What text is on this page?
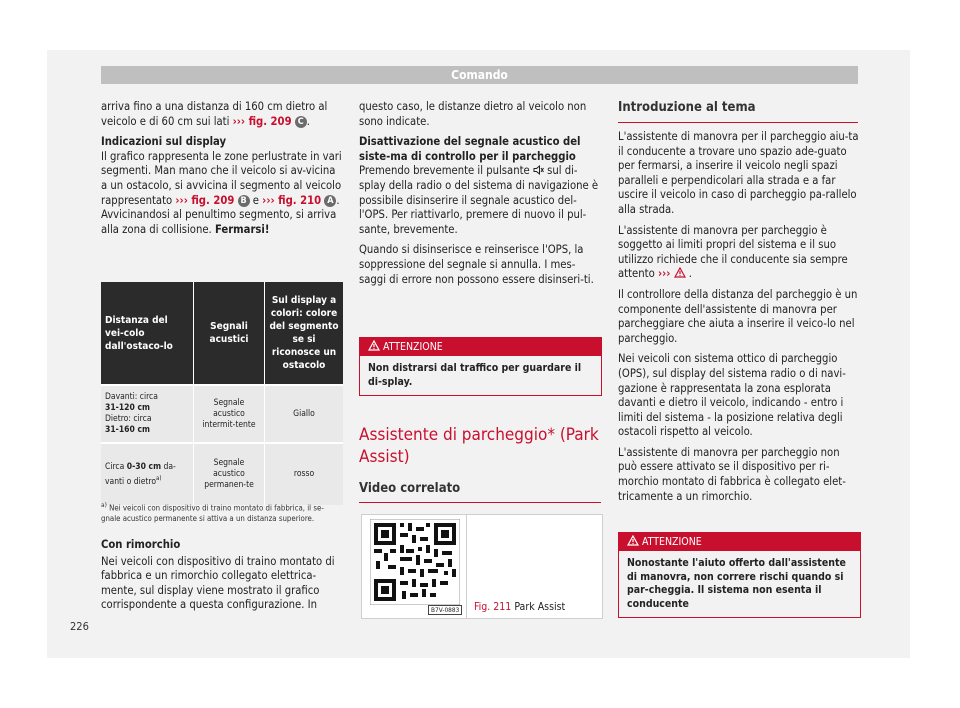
Comando

arriva fino a una distanza di 160 cm dietro al veicolo e di 60 cm sui lati ››› fig. 209 C .

Indicazioni sul display

Il grafico rappresenta le zone perlustrate in vari segmenti. Man mano che il veicolo si av-vicina a un ostacolo, si avvicina il segmento al veicolo rappresentato ››› fig. 209 B e ››› fig. 210 A . Avvicinandosi al penultimo segmento, si arriva alla zona di collisione. Fermarsi!

Distanza del vei-colo dall'ostaco-lo	Segnali acustici	Sul display a colori: colore del segmento se si riconosce un ostacolo

Davanti: circa
31-120 cm
Dietro: circa
31-160 cm	Segnale acustico intermit-tente	Giallo
Circa 0-30 cm da-vanti o dietro$^{a)}$	Segnale acustico permanen-te	rosso
$^{a)}$ Nei veicoli con dispositivo di traino montato di fabbrica, il se-gnale acustico permanente si attiva a un distanza superiore.

Con rimorchio

Nei veicoli con dispositivo di traino montato di fabbrica e un rimorchio collegato elettrica-mente, sul display viene mostrato il grafico corrispondente a questa configurazione. In

226

questo caso, le distanze dietro al veicolo non sono indicate.

Disattivazione del segnale acustico del siste-ma di controllo per il parcheggio

Premendo brevemente il pulsante sul di-splay della radio o del sistema di navigazione è possibile disinserire il segnale acustico del-l'OPS. Per riattivarlo, premere di nuovo il pul-sante, brevemente.

Quando si disinserisce e reinserisce l'OPS, la soppressione del segnale si annulla. I mes-saggi di errore non possono essere disinseri-ti.

ATTENZIONE
Non distrarsi dal traffico per guardare il di-splay.
Assistente di parcheggio* (Park Assist)
Video correlato
B7V-0883 Fig. 211 Park Assist
Introduzione al tema

L'assistente di manovra per il parcheggio aiu-ta il conducente a trovare uno spazio ade-guato per fermarsi, a inserire il veicolo negli spazi paralleli e perpendicolari alla strada e a far uscire il veicolo in caso di parcheggio pa-rallelo alla strada.

L'assistente di manovra per parcheggio è soggetto ai limiti propri del sistema e il suo utilizzo richiede che il conducente sia sempre attento ››› .

Il controllore della distanza del parcheggio è un componente dell'assistente di manovra per parcheggiare che aiuta a inserire il veico-lo nel parcheggio.

Nei veicoli con sistema ottico di parcheggio (OPS), sul display del sistema radio o di navi-gazione è rappresentata la zona esplorata davanti e dietro il veicolo, indicando - entro i limiti del sistema - la posizione relativa degli ostacoli rispetto al veicolo.

L'assistente di manovra per parcheggio non può essere attivato se il dispositivo per ri-morchio montato di fabbrica è collegato elet-tricamente a un rimorchio.

ATTENZIONE
Nonostante l'aiuto offerto dall'assistente di manovra, non correre rischi quando si par-cheggia. Il sistema non esenta il conducente
